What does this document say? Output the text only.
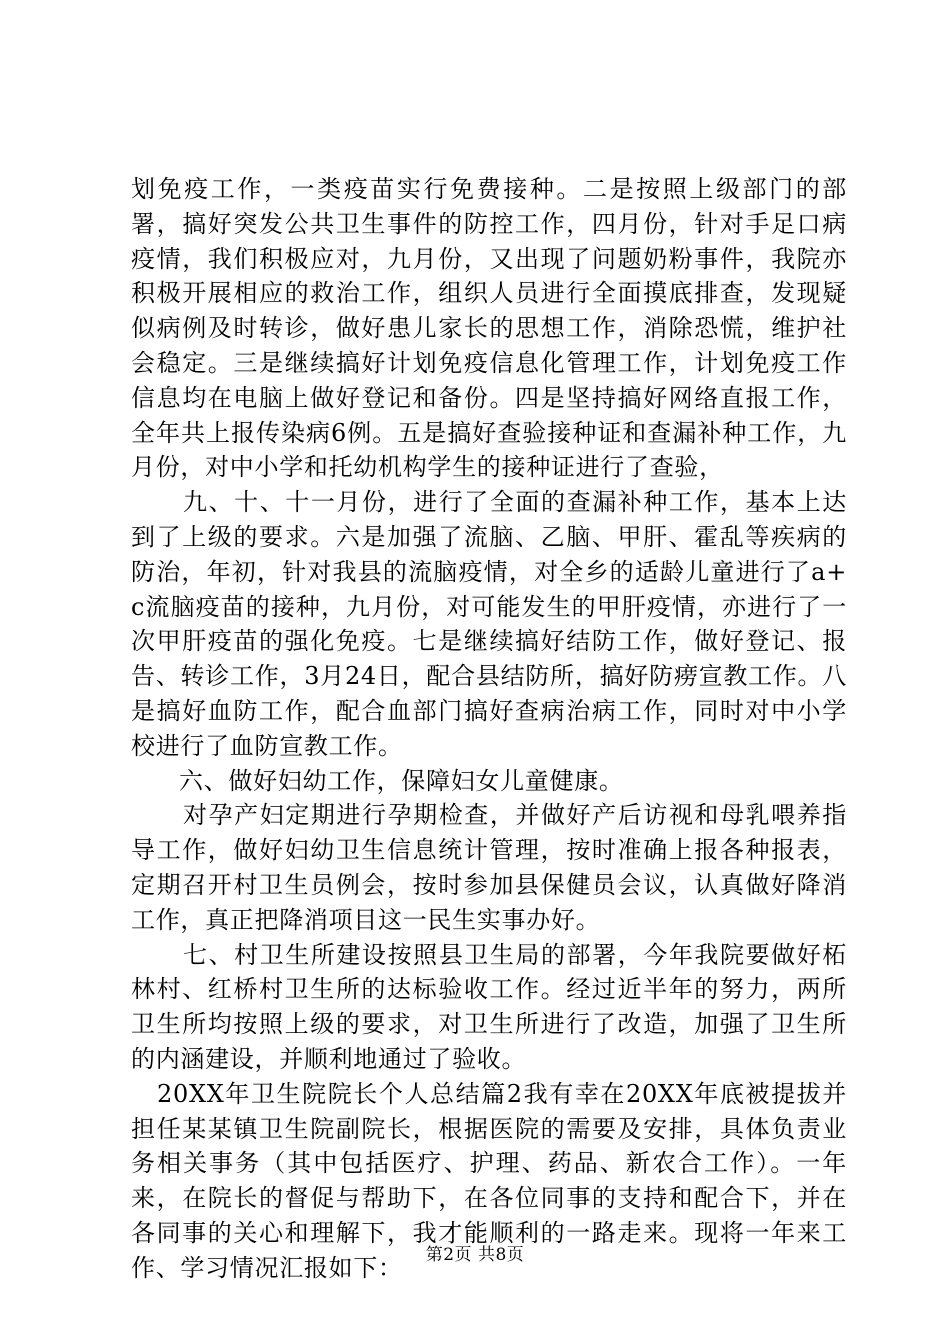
划免疫工作，一类疫苗实行免费接种。二是按照上级部门的部署，搞好突发公共卫生事件的防控工作，四月份，针对手足口病疫情，我们积极应对，九月份，又出现了问题奶粉事件，我院亦积极开展相应的救治工作，组织人员进行全面摸底排查，发现疑似病例及时转诊，做好患儿家长的思想工作，消除恐慌，维护社会稳定。三是继续搞好计划免疫信息化管理工作，计划免疫工作信息均在电脑上做好登记和备份。四是坚持搞好网络直报工作，全年共上报传染病6例。五是搞好查验接种证和查漏补种工作，九月份，对中小学和托幼机构学生的接种证进行了查验，

九、十、十一月份，进行了全面的查漏补种工作，基本上达到了上级的要求。六是加强了流脑、乙脑、甲肝、霍乱等疾病的防治，年初，针对我县的流脑疫情，对全乡的适龄儿童进行了a+c流脑疫苗的接种，九月份，对可能发生的甲肝疫情，亦进行了一次甲肝疫苗的强化免疫。七是继续搞好结防工作，做好登记、报告、转诊工作，3月24日，配合县结防所，搞好防痨宣教工作。八是搞好血防工作，配合血部门搞好查病治病工作，同时对中小学校进行了血防宣教工作。

六、做好妇幼工作，保障妇女儿童健康。

对孕产妇定期进行孕期检查，并做好产后访视和母乳喂养指导工作，做好妇幼卫生信息统计管理，按时准确上报各种报表，定期召开村卫生员例会，按时参加县保健员会议，认真做好降消工作，真正把降消项目这一民生实事办好。

七、村卫生所建设按照县卫生局的部署，今年我院要做好柘林村、红桥村卫生所的达标验收工作。经过近半年的努力，两所卫生所均按照上级的要求，对卫生所进行了改造，加强了卫生所的内涵建设，并顺利地通过了验收。

20XX年卫生院院长个人总结篇2我有幸在20XX年底被提拔并担任某某镇卫生院副院长，根据医院的需要及安排，具体负责业务相关事务（其中包括医疗、护理、药品、新农合工作）。一年来，在院长的督促与帮助下，在各位同事的支持和配合下，并在各同事的关心和理解下，我才能顺利的一路走来。现将一年来工作、学习情况汇报如下：	第2页 共8页
